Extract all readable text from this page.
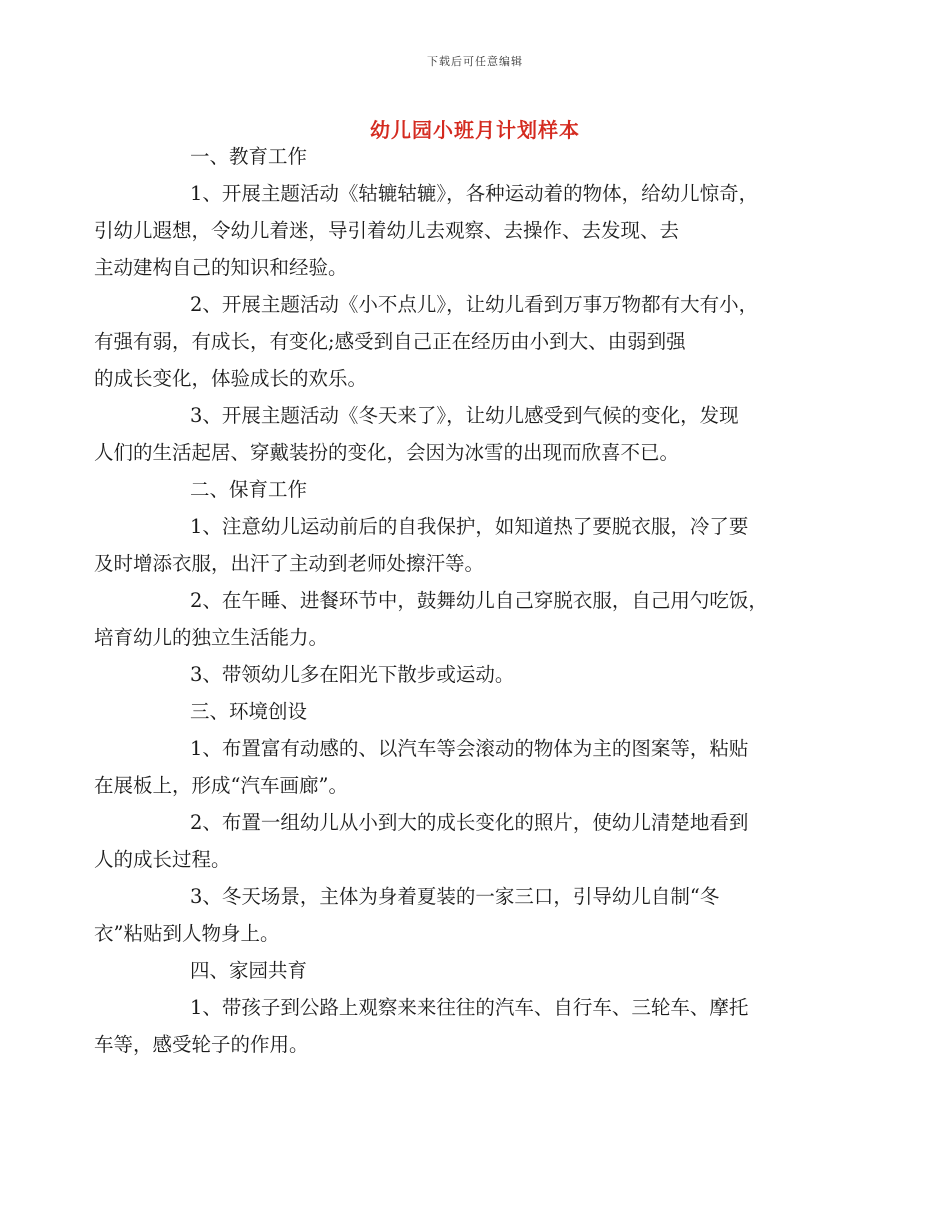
下载后可任意编辑
幼儿园小班月计划样本

一、教育工作

1、开展主题活动《轱辘轱辘》，各种运动着的物体，给幼儿惊奇，
引幼儿遐想，令幼儿着迷，导引着幼儿去观察、去操作、去发现、去
主动建构自己的知识和经验。

2、开展主题活动《小不点儿》，让幼儿看到万事万物都有大有小，
有强有弱，有成长，有变化;感受到自己正在经历由小到大、由弱到强
的成长变化，体验成长的欢乐。

3、开展主题活动《冬天来了》，让幼儿感受到气候的变化，发现
人们的生活起居、穿戴装扮的变化，会因为冰雪的出现而欣喜不已。

二、保育工作

1、注意幼儿运动前后的自我保护，如知道热了要脱衣服，冷了要
及时增添衣服，出汗了主动到老师处擦汗等。

2、在午睡、进餐环节中，鼓舞幼儿自己穿脱衣服，自己用勺吃饭，
培育幼儿的独立生活能力。

3、带领幼儿多在阳光下散步或运动。

三、环境创设

1、布置富有动感的、以汽车等会滚动的物体为主的图案等，粘贴
在展板上，形成“汽车画廊”。

2、布置一组幼儿从小到大的成长变化的照片，使幼儿清楚地看到
人的成长过程。

3、冬天场景，主体为身着夏装的一家三口，引导幼儿自制“冬
衣”粘贴到人物身上。

四、家园共育

1、带孩子到公路上观察来来往往的汽车、自行车、三轮车、摩托
车等，感受轮子的作用。
